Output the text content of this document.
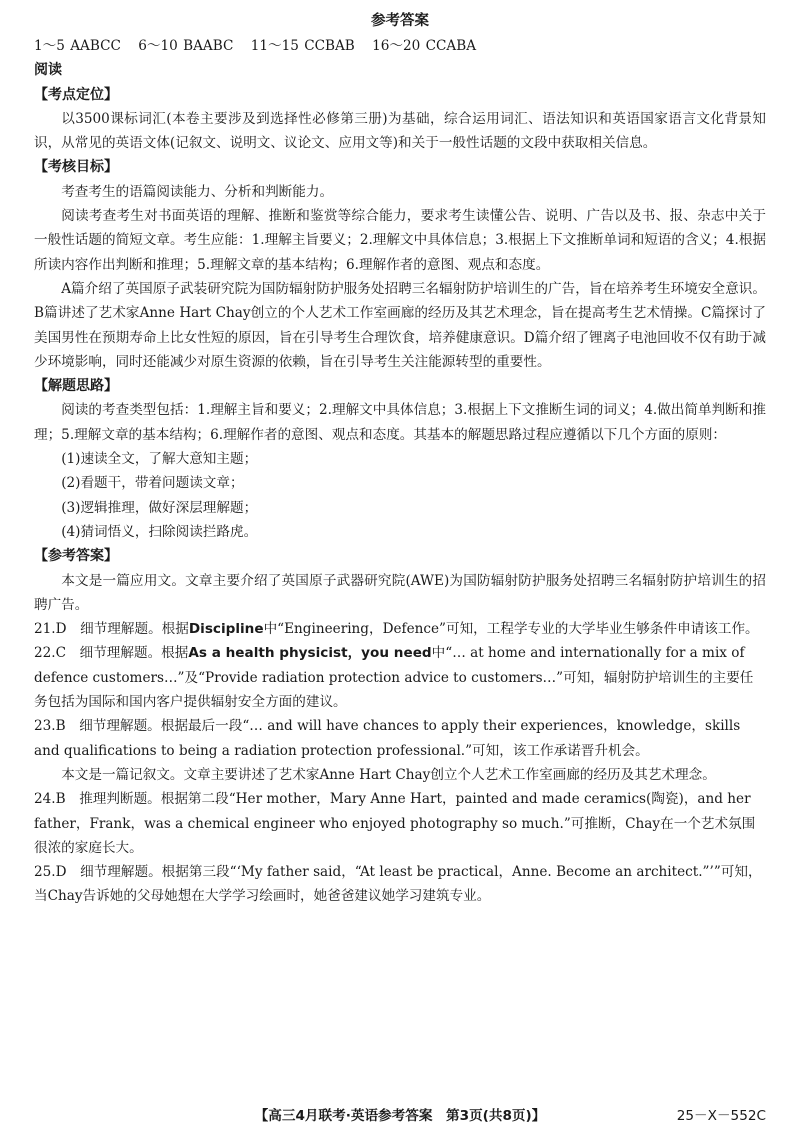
参考答案
1～5 AABCC 6～10 BAABC 11～15 CCBAB 16～20 CCABA
阅读
【考点定位】
以3500课标词汇(本卷主要涉及到选择性必修第三册)为基础，综合运用词汇、语法知识和英语国家语言文化背景知识，从常见的英语文体(记叙文、说明文、议论文、应用文等)和关于一般性话题的文段中获取相关信息。
【考核目标】
考查考生的语篇阅读能力、分析和判断能力。
阅读考查考生对书面英语的理解、推断和鉴赏等综合能力，要求考生读懂公告、说明、广告以及书、报、杂志中关于一般性话题的简短文章。考生应能：1.理解主旨要义；2.理解文中具体信息；3.根据上下文推断单词和短语的含义；4.根据所读内容作出判断和推理；5.理解文章的基本结构；6.理解作者的意图、观点和态度。
A篇介绍了英国原子武装研究院为国防辐射防护服务处招聘三名辐射防护培训生的广告，旨在培养考生环境安全意识。B篇讲述了艺术家Anne Hart Chay创立的个人艺术工作室画廊的经历及其艺术理念，旨在提高考生艺术情操。C篇探讨了美国男性在预期寿命上比女性短的原因，旨在引导考生合理饮食，培养健康意识。D篇介绍了锂离子电池回收不仅有助于减少环境影响，同时还能减少对原生资源的依赖，旨在引导考生关注能源转型的重要性。
【解题思路】
阅读的考查类型包括：1.理解主旨和要义；2.理解文中具体信息；3.根据上下文推断生词的词义；4.做出简单判断和推理；5.理解文章的基本结构；6.理解作者的意图、观点和态度。其基本的解题思路过程应遵循以下几个方面的原则：
(1)速读全文，了解大意知主题；
(2)看题干，带着问题读文章；
(3)逻辑推理，做好深层理解题；
(4)猜词悟义，扫除阅读拦路虎。
【参考答案】
本文是一篇应用文。文章主要介绍了英国原子武器研究院(AWE)为国防辐射防护服务处招聘三名辐射防护培训生的招聘广告。
21.D　细节理解题。根据Discipline中“Engineering，Defence”可知，工程学专业的大学毕业生够条件申请该工作。
22.C　细节理解题。根据As a health physicist，you need中“… at home and internationally for a mix of defence customers…”及“Provide radiation protection advice to customers…”可知，辐射防护培训生的主要任务包括为国际和国内客户提供辐射安全方面的建议。
23.B　细节理解题。根据最后一段“… and will have chances to apply their experiences，knowledge，skills and qualifications to being a radiation protection professional.”可知，该工作承诺晋升机会。
本文是一篇记叙文。文章主要讲述了艺术家Anne Hart Chay创立个人艺术工作室画廊的经历及其艺术理念。
24.B　推理判断题。根据第二段“Her mother，Mary Anne Hart，painted and made ceramics(陶瓷)，and her father，Frank，was a chemical engineer who enjoyed photography so much.”可推断，Chay在一个艺术氛围很浓的家庭长大。
25.D　细节理解题。根据第三段“‘My father said，“At least be practical，Anne. Become an architect.”’”可知，当Chay告诉她的父母她想在大学学习绘画时，她爸爸建议她学习建筑专业。
【高三4月联考·英语参考答案　第3页(共8页)】	25－X－552C
